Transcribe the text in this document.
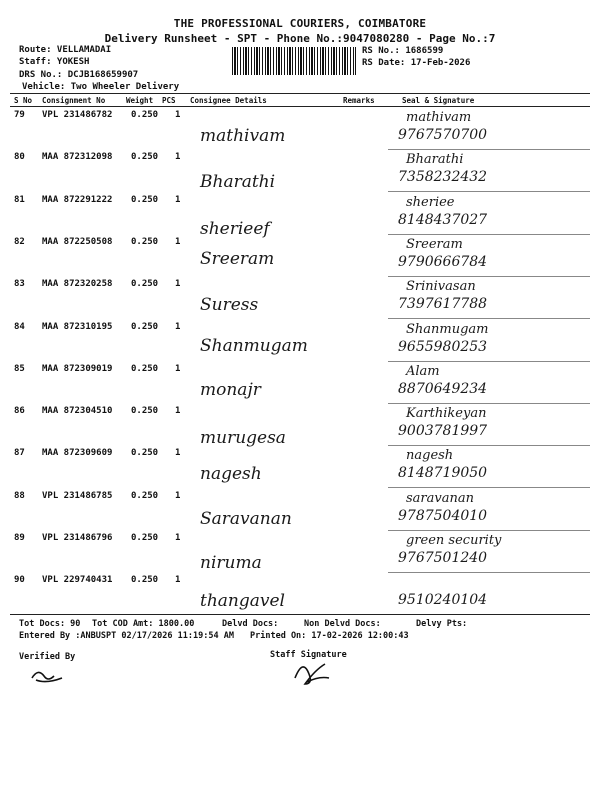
THE PROFESSIONAL COURIERS, COIMBATORE
Delivery Runsheet - SPT - Phone No.:9047080280 - Page No.:7
Route: VELLAMADAI
Staff: YOKESH
DRS No.: DCJB168659907
Vehicle: Two Wheeler Delivery
RS No.: 1686599
RS Date: 17-Feb-2026
S No Consignment No	Weight PCS Consignee Details	Remarks	Seal & Signature
79 VPL 231486782 0.250 1
mathivam
mathivam
9767570700
80 MAA 872312098 0.250 1
Bharathi
Bharathi
7358232432
81 MAA 872291222 0.250 1
sherieef
sheriee
8148437027
82 MAA 872250508 0.250 1
Sreeram
Sreeram
9790666784
83 MAA 872320258 0.250 1
Suress
Srinivasan
7397617788
84 MAA 872310195 0.250 1
Shanmugam
Shanmugam
9655980253
85 MAA 872309019 0.250 1
monajr
Alam
8870649234
86 MAA 872304510 0.250 1
murugesa
Karthikeyan
9003781997
87 MAA 872309609 0.250 1
nagesh
nagesh
8148719050
88 VPL 231486785 0.250 1
Saravanan
saravanan
9787504010
89 VPL 231486796 0.250 1
niruma
green security
9767501240
90 VPL 229740431 0.250 1
thangavel	9510240104
Tot Docs: 90 Tot COD Amt: 1800.00	Delvd Docs:	Non Delvd Docs:	Delvy Pts:
Entered By :ANBUSPT 02/17/2026 11:19:54 AM Printed On: 17-02-2026 12:00:43
Verified By	Staff Signature
